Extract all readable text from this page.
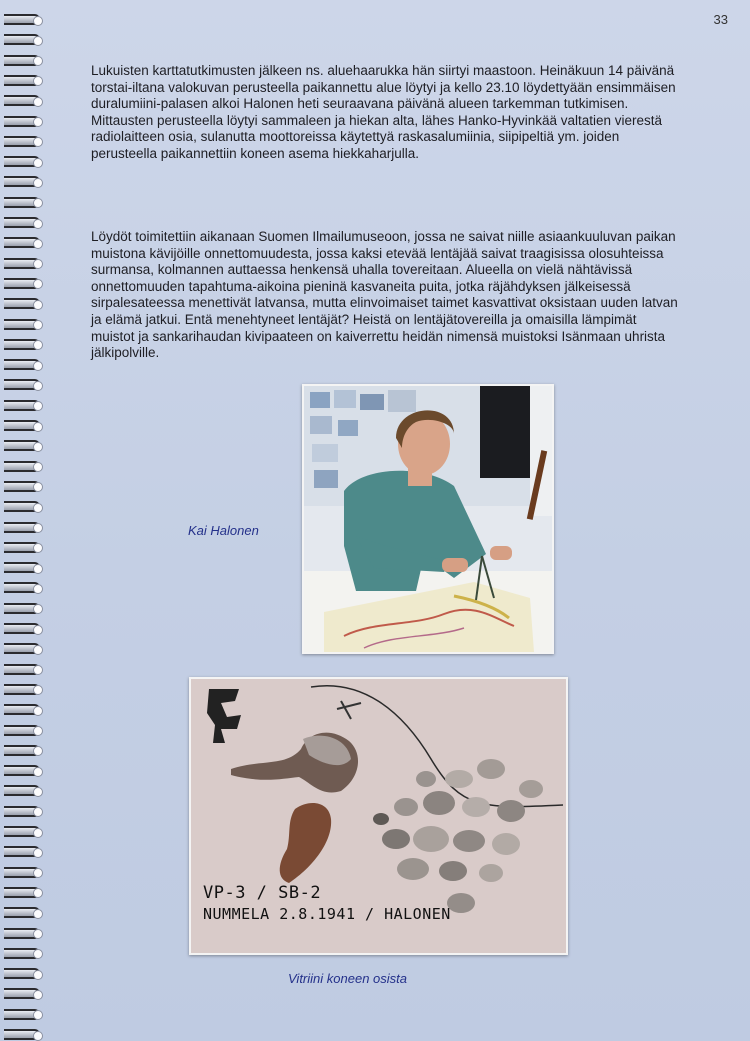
33

Lukuisten karttatutkimusten jälkeen ns. aluehaarukka hän siirtyi maastoon. Heinäkuun 14 päivänä torstai-iltana valokuvan perusteella paikannettu alue löytyi ja kello 23.10 löydettyään ensimmäisen duralumiini-palasen alkoi Halonen heti seuraavana päivänä alueen tarkemman tutkimisen. Mittausten perusteella löytyi sammaleen ja hiekan alta, lähes Hanko-Hyvinkää valtatien vierestä radiolaitteen osia, sulanutta moottoreissa käytettyä raskasalumiinia, siipipeltiä ym. joiden perusteella paikannettiin koneen asema hiekkaharjulla.

Löydöt toimitettiin aikanaan Suomen Ilmailumuseoon, jossa ne saivat niille asiaankuuluvan paikan muistona kävijöille onnettomuudesta, jossa kaksi etevää lentäjää saivat traagisissa olosuhteissa surmansa, kolmannen auttaessa henkensä uhalla tovereitaan. Alueella on vielä nähtävissä onnettomuuden tapahtuma-aikoina pieninä kasvaneita puita, jotka räjähdyksen jälkeisessä sirpalesateessa menettivät latvansa, mutta elinvoimaiset taimet kasvattivat oksistaan uuden latvan ja elämä jatkui. Entä menehtyneet lentäjät? Heistä on lentäjätovereilla ja omaisilla lämpimät muistot ja sankarihaudan kivipaateen on kaiverrettu heidän nimensä muistoksi Isänmaan uhrista jälkipolville.

Kai Halonen
VP-3 / SB-2
NUMMELA 2.8.1941 / HALONEN
Vitriini koneen osista
